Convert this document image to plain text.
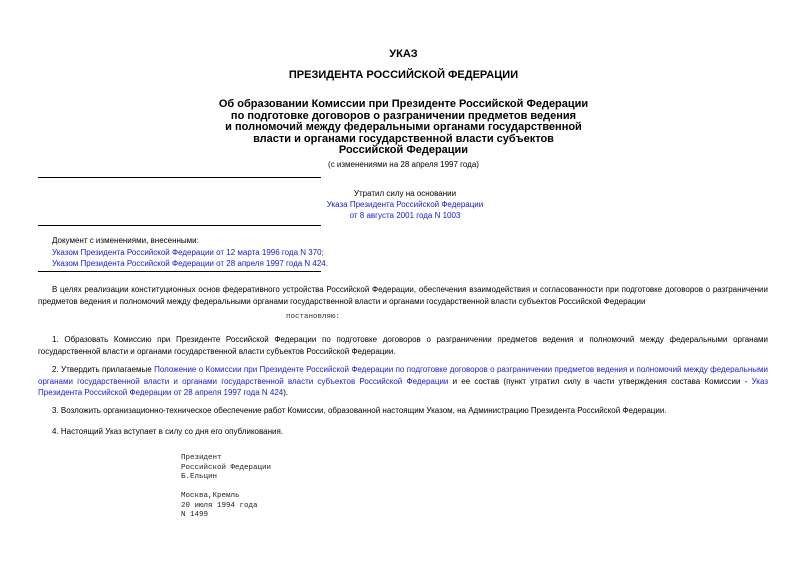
УКАЗ
ПРЕЗИДЕНТА РОССИЙСКОЙ ФЕДЕРАЦИИ
Об образовании Комиссии при Президенте Российской Федерации
по подготовке договоров о разграничении предметов ведения
и полномочий между федеральными органами государственной
власти и органами государственной власти субъектов
Российской Федерации
(с изменениями на 28 апреля 1997 года)
Утратил силу на основании
Указа Президента Российской Федерации
от 8 августа 2001 года N 1003
Документ с изменениями, внесенными:
Указом Президента Российской Федерации от 12 марта 1996 года N 370;
Указом Президента Российской Федерации от 28 апреля 1997 года N 424.

В целях реализации конституционных основ федеративного устройства Российской Федерации, обеспечения взаимодействия и согласованности при подготовке договоров о разграничении предметов ведения и полномочий между федеральными органами государственной власти и органами государственной власти субъектов Российской Федерации

постановляю:

1. Образовать Комиссию при Президенте Российской Федерации по подготовке договоров о разграничении предметов ведения и полномочий между федеральными органами государственной власти и органами государственной власти субъектов Российской Федерации.

2. Утвердить прилагаемые Положение о Комиссии при Президенте Российской Федерации по подготовке договоров о разграничении предметов ведения и полномочий между федеральными органами государственной власти и органами государственной власти субъектов Российской Федерации и ее состав (пункт утратил силу в части утверждения состава Комиссии - Указ Президента Российской Федерации от 28 апреля 1997 года N 424).

3. Возложить организационно-техническое обеспечение работ Комиссии, образованной настоящим Указом, на Администрацию Президента Российской Федерации.

4. Настоящий Указ вступает в силу со дня его опубликования.

Президент
Российской Федерации
Б.Ельцин
Москва,Кремль
20 июля 1994 года
N 1499
